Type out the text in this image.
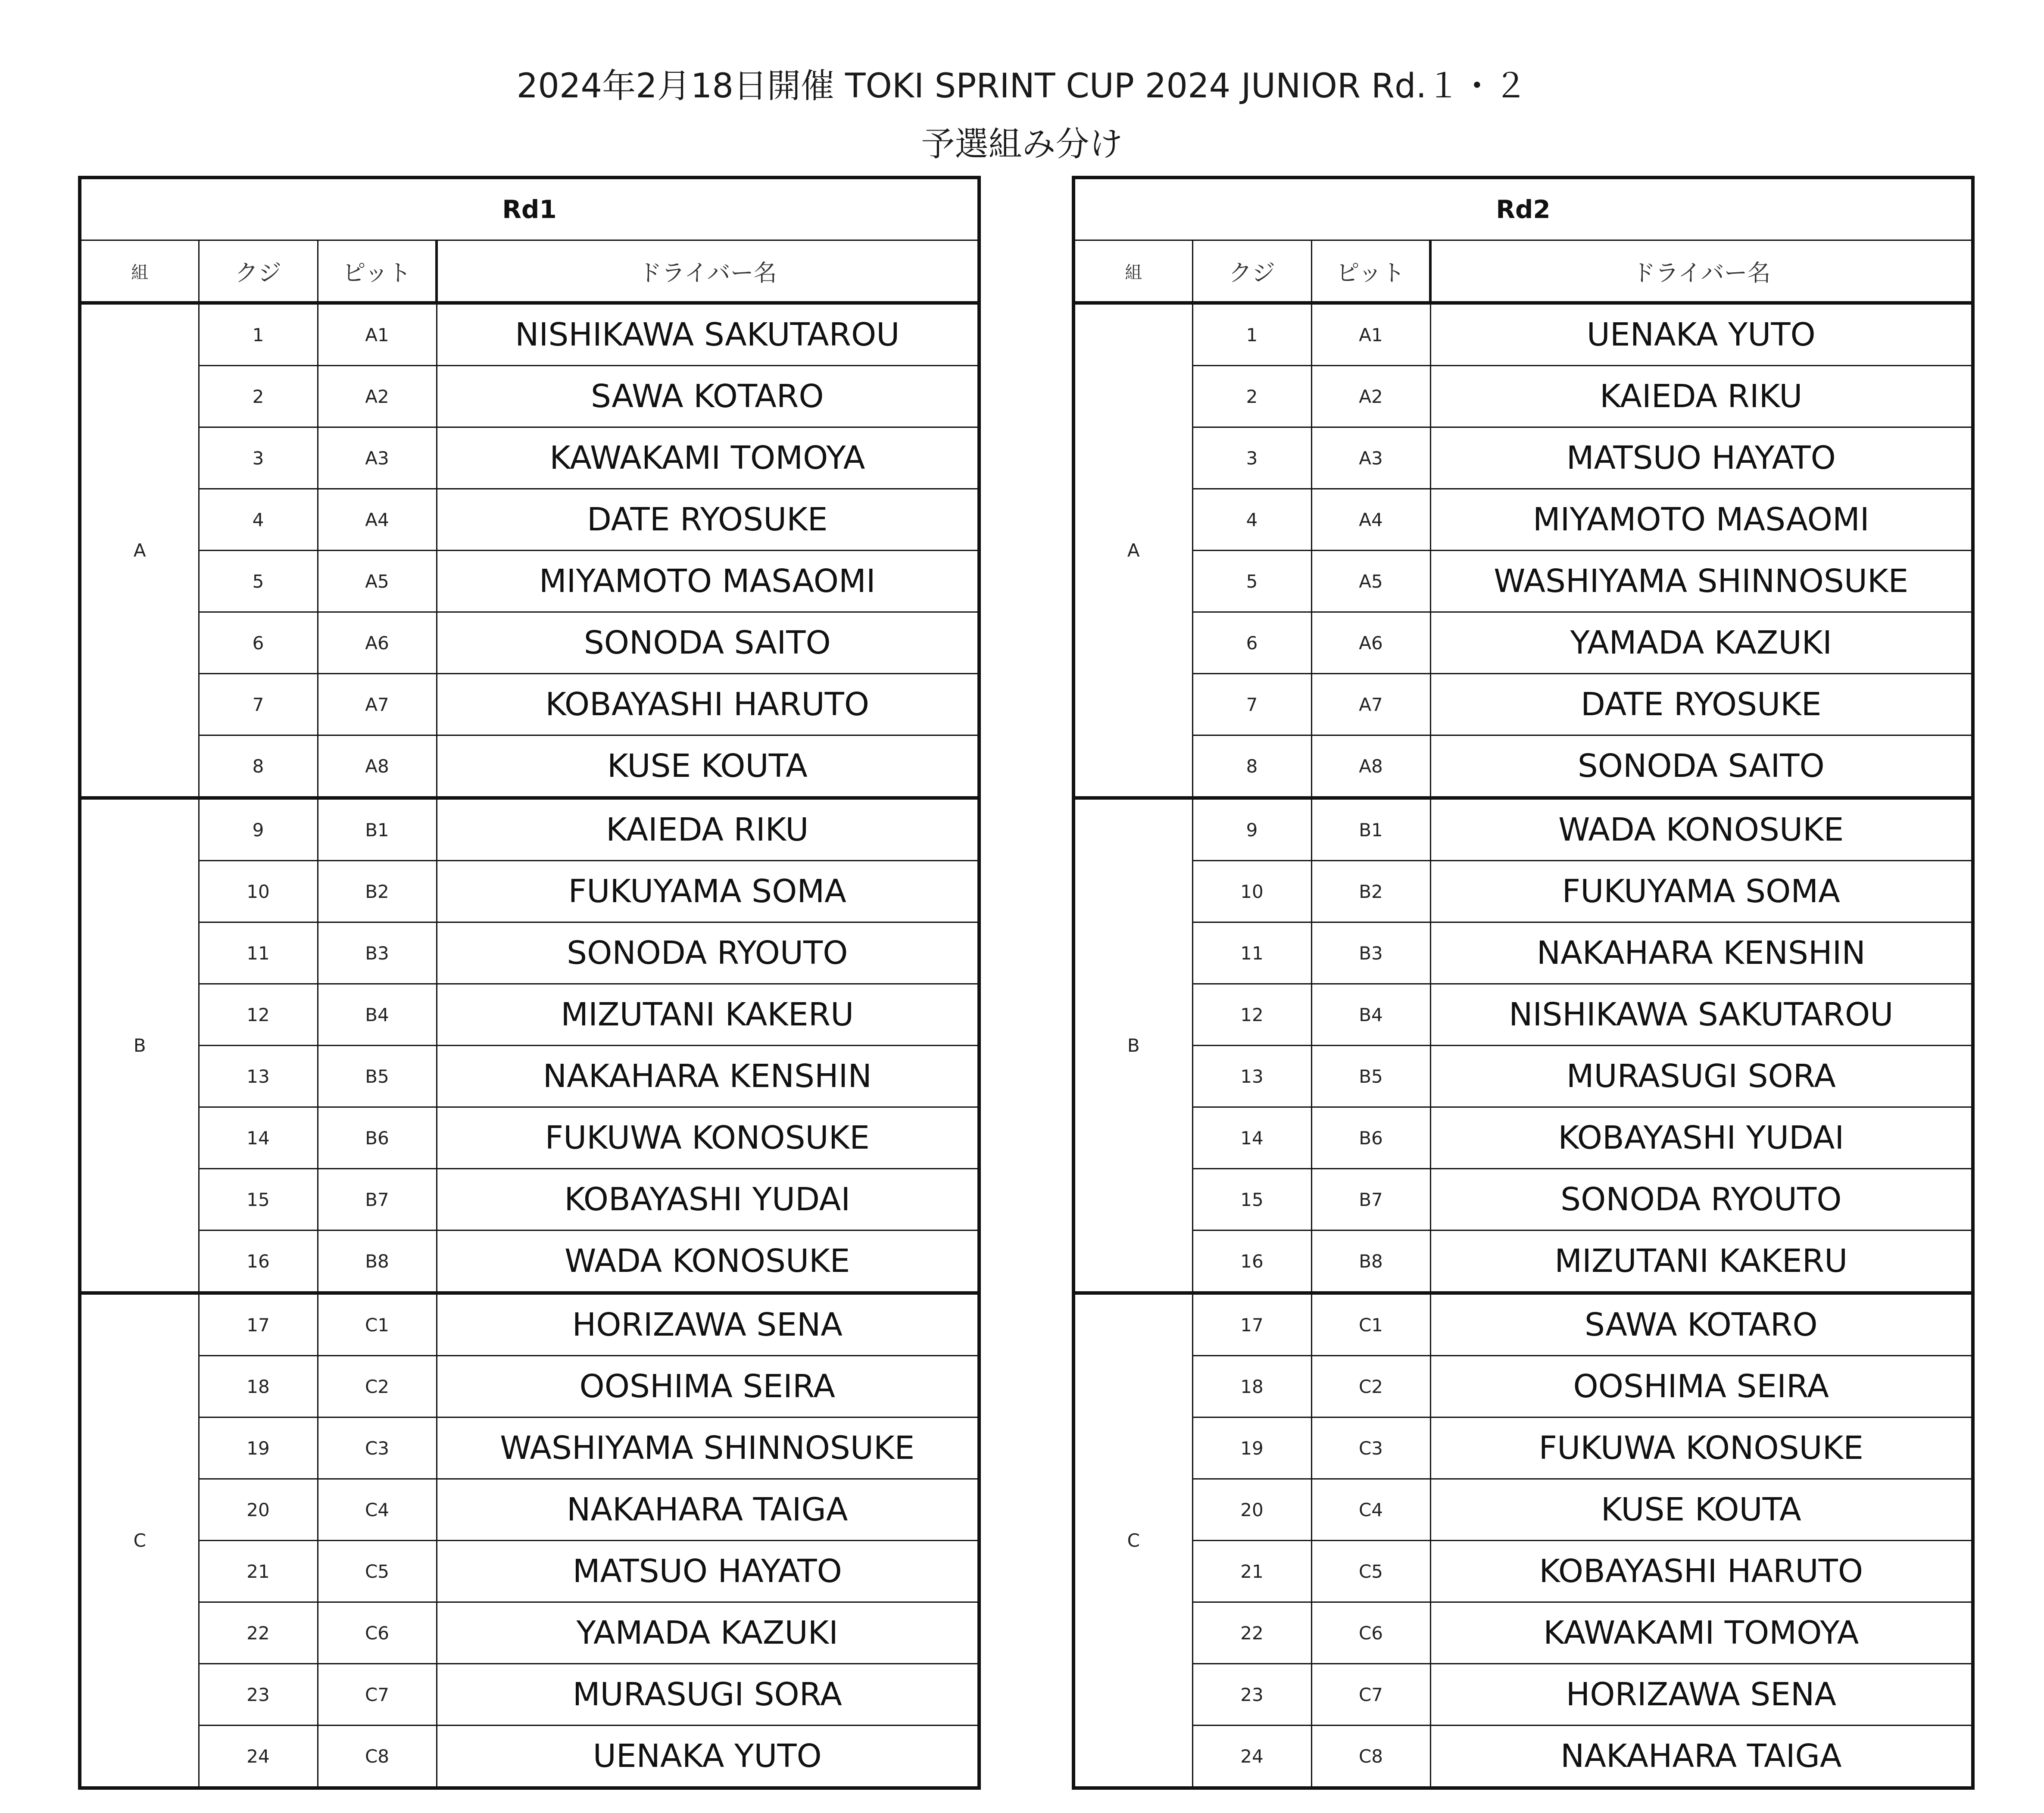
2024年2月18日開催 TOKI SPRINT CUP 2024 JUNIOR Rd.１・２
予選組み分け
Rd1			
組	クジ	ピット	ドライバー名
A	1	A1	NISHIKAWA SAKUTAROU
	2	A2	SAWA KOTARO
	3	A3	KAWAKAMI TOMOYA
	4	A4	DATE RYOSUKE
	5	A5	MIYAMOTO MASAOMI
	6	A6	SONODA SAITO
	7	A7	KOBAYASHI HARUTO
	8	A8	KUSE KOUTA
B	9	B1	KAIEDA RIKU
	10	B2	FUKUYAMA SOMA
	11	B3	SONODA RYOUTO
	12	B4	MIZUTANI KAKERU
	13	B5	NAKAHARA KENSHIN
	14	B6	FUKUWA KONOSUKE
	15	B7	KOBAYASHI YUDAI
	16	B8	WADA KONOSUKE
C	17	C1	HORIZAWA SENA
	18	C2	OOSHIMA SEIRA
	19	C3	WASHIYAMA SHINNOSUKE
	20	C4	NAKAHARA TAIGA
	21	C5	MATSUO HAYATO
	22	C6	YAMADA KAZUKI
	23	C7	MURASUGI SORA
	24	C8	UENAKA YUTO
Rd2			
組	クジ	ピット	ドライバー名
A	1	A1	UENAKA YUTO
	2	A2	KAIEDA RIKU
	3	A3	MATSUO HAYATO
	4	A4	MIYAMOTO MASAOMI
	5	A5	WASHIYAMA SHINNOSUKE
	6	A6	YAMADA KAZUKI
	7	A7	DATE RYOSUKE
	8	A8	SONODA SAITO
B	9	B1	WADA KONOSUKE
	10	B2	FUKUYAMA SOMA
	11	B3	NAKAHARA KENSHIN
	12	B4	NISHIKAWA SAKUTAROU
	13	B5	MURASUGI SORA
	14	B6	KOBAYASHI YUDAI
	15	B7	SONODA RYOUTO
	16	B8	MIZUTANI KAKERU
C	17	C1	SAWA KOTARO
	18	C2	OOSHIMA SEIRA
	19	C3	FUKUWA KONOSUKE
	20	C4	KUSE KOUTA
	21	C5	KOBAYASHI HARUTO
	22	C6	KAWAKAMI TOMOYA
	23	C7	HORIZAWA SENA
	24	C8	NAKAHARA TAIGA
